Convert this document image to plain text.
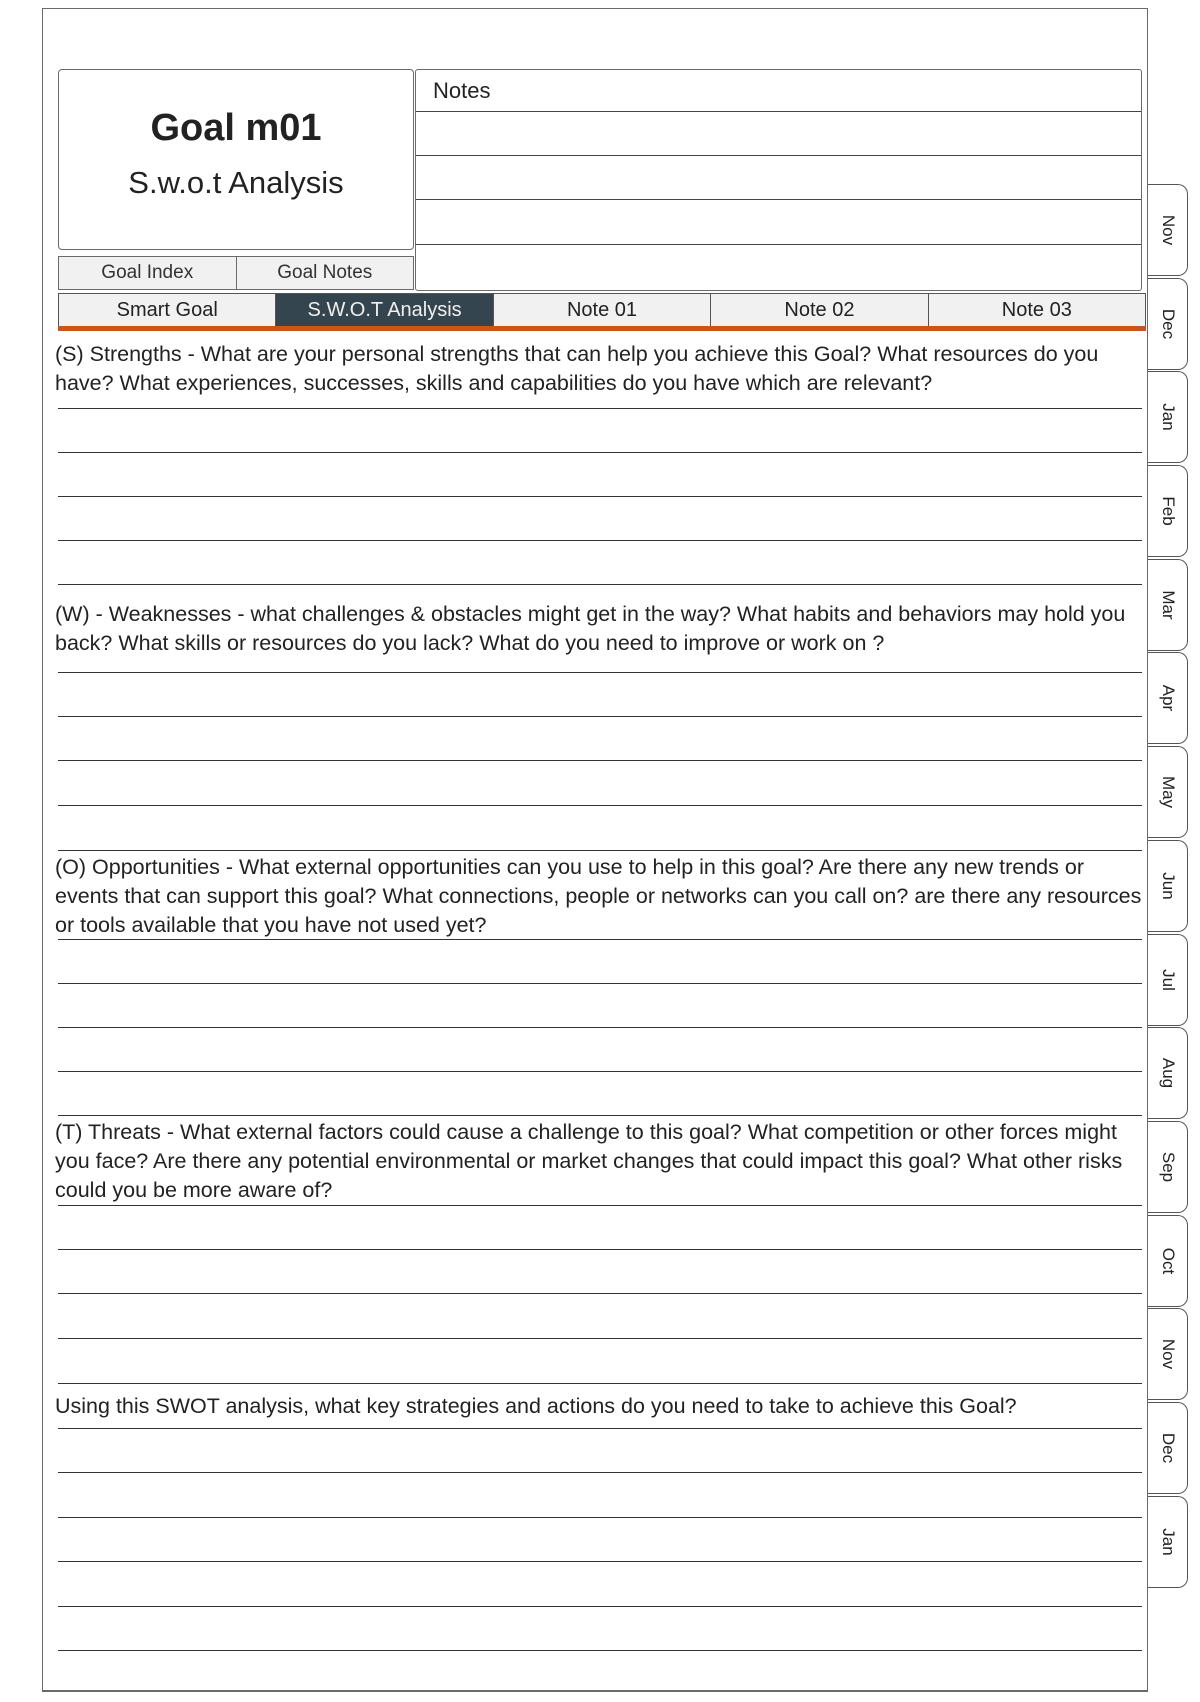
Goal m01
S.w.o.t Analysis
Goal Index	Goal Notes
Notes
Smart Goal	S.W.O.T Analysis	Note 01	Note 02	Note 03
(S) Strengths - What are your personal strengths that can help you achieve this Goal? What resources do you have? What experiences, successes, skills and capabilities do you have which are relevant?
(W) - Weaknesses - what challenges & obstacles might get in the way? What habits and behaviors may hold you back? What skills or resources do you lack? What do you need to improve or work on ?
(O) Opportunities - What external opportunities can you use to help in this goal? Are there any new trends or events that can support this goal? What connections, people or networks can you call on? are there any resources or tools available that you have not used yet?
(T) Threats - What external factors could cause a challenge to this goal? What competition or other forces might you face? Are there any potential environmental or market changes that could impact this goal? What other risks could you be more aware of?
Using this SWOT analysis, what key strategies and actions do you need to take to achieve this Goal?
Nov
Dec
Jan
Feb
Mar
Apr
May
Jun
Jul
Aug
Sep
Oct
Nov
Dec
Jan
